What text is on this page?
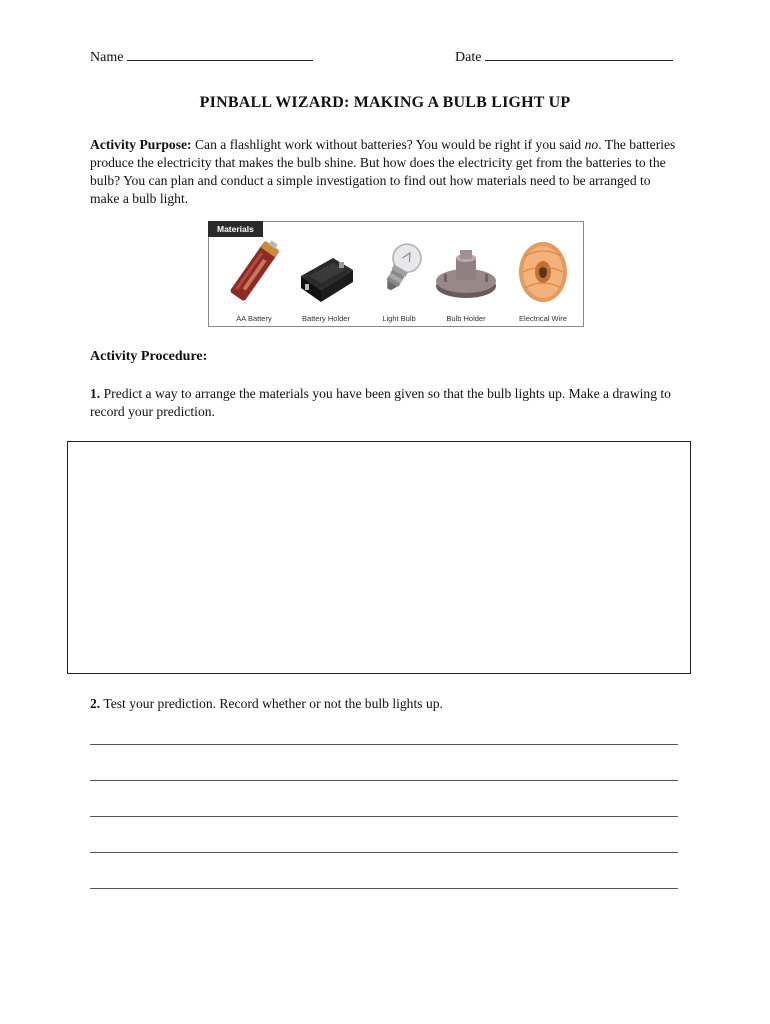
Name	Date
PINBALL WIZARD: MAKING A BULB LIGHT UP
Activity Purpose: Can a flashlight work without batteries? You would be right if you said no. The batteries produce the electricity that makes the bulb shine. But how does the electricity get from the batteries to the bulb? You can plan and conduct a simple investigation to find out how materials need to be arranged to make a bulb light.
Materials
AA Battery	Battery Holder	Light Bulb	Bulb Holder	Electrical Wire
Activity Procedure:
1. Predict a way to arrange the materials you have been given so that the bulb lights up. Make a drawing to record your prediction.
2. Test your prediction. Record whether or not the bulb lights up.
